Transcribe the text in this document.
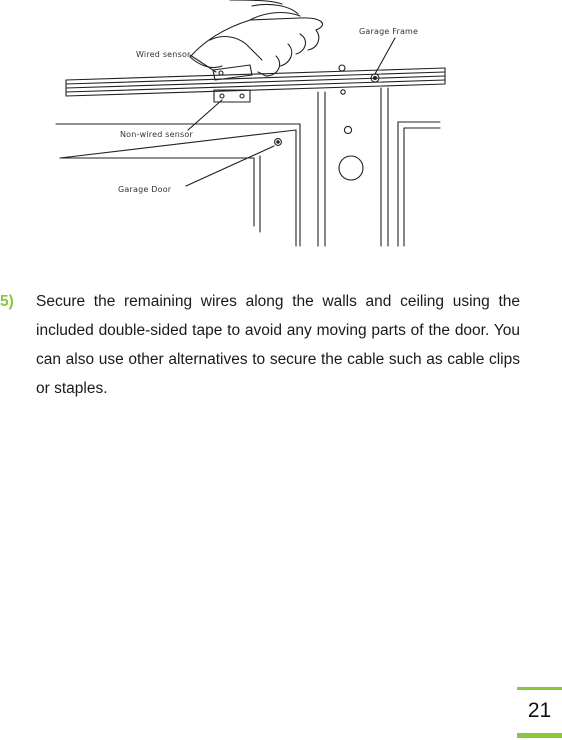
Wired sensor
Garage Frame
Non-wired sensor
Garage Door
5) Secure the remaining wires along the walls and ceiling using the included double-sided tape to avoid any moving parts of the door. You can also use other alternatives to secure the cable such as cable clips or staples.

21
